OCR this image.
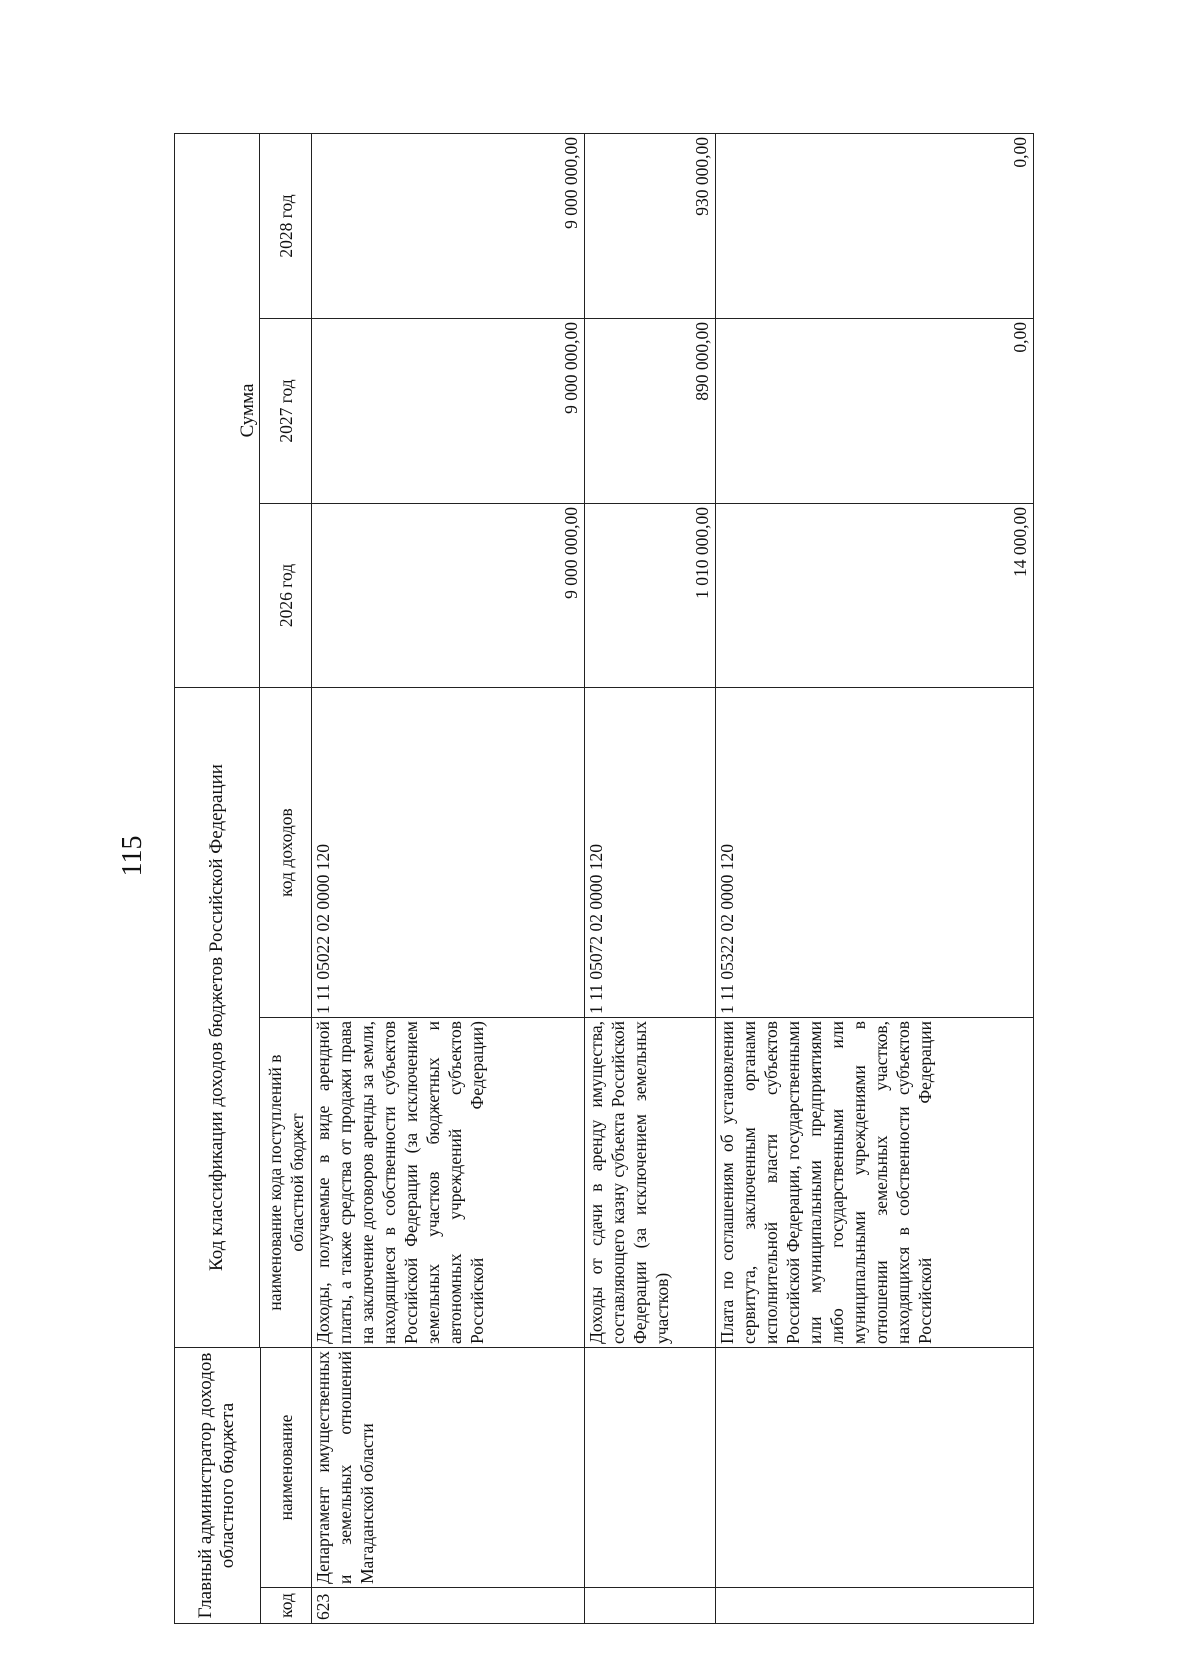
115
Главный администратор доходов областного бюджета		Код классификации доходов бюджетов Российской Федерации		Сумма		
		наименование кода поступлений в областной бюджет	код доходов	2026 год	2027 год	2028 год
код	наименование					
623	Департамент имущественных и земельных отношений Магаданской области	Доходы, получаемые в виде арендной платы, а также средства от продажи права на заключение договоров аренды за земли, находящиеся в собственности субъектов Российской Федерации (за исключением земельных участков бюджетных и автономных учреждений субъектов Российской Федерации)	1 11 05022 02 0000 120	9 000 000,00	9 000 000,00	9 000 000,00
		Доходы от сдачи в аренду имущества, составляющего казну субъекта Российской Федерации (за исключением земельных участков)	1 11 05072 02 0000 120	1 010 000,00	890 000,00	930 000,00
		Плата по соглашениям об установлении сервитута, заключенным органами исполнительной власти субъектов Российской Федерации, государственными или муниципальными предприятиями либо государственными или муниципальными учреждениями в отношении земельных участков, находящихся в собственности субъектов Российской Федерации	1 11 05322 02 0000 120	14 000,00	0,00	0,00
